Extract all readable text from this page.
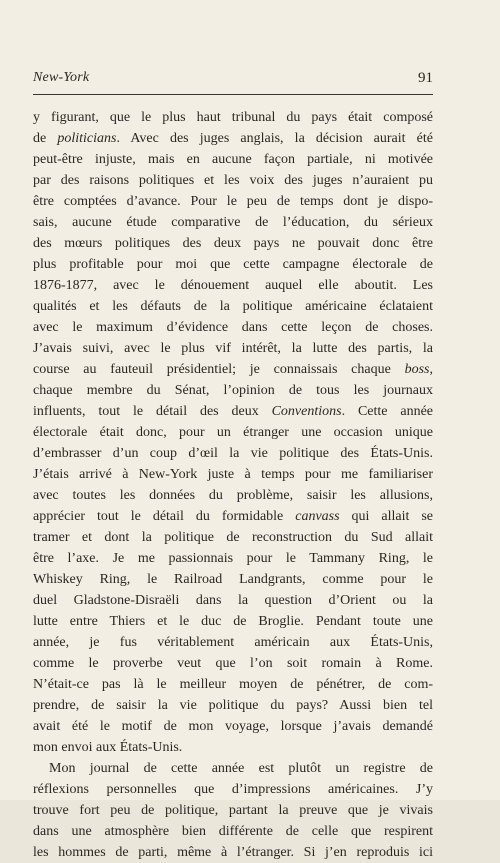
New-York	91
y figurant, que le plus haut tribunal du pays était composé
de politicians. Avec des juges anglais, la décision aurait été
peut-être injuste, mais en aucune façon partiale, ni motivée
par des raisons politiques et les voix des juges n’auraient pu
être comptées d’avance. Pour le peu de temps dont je dispo-
sais, aucune étude comparative de l’éducation, du sérieux
des mœurs politiques des deux pays ne pouvait donc être
plus profitable pour moi que cette campagne électorale de
1876-1877, avec le dénouement auquel elle aboutit. Les
qualités et les défauts de la politique américaine éclataient
avec le maximum d’évidence dans cette leçon de choses.
J’avais suivi, avec le plus vif intérêt, la lutte des partis, la
course au fauteuil présidentiel; je connaissais chaque boss,
chaque membre du Sénat, l’opinion de tous les journaux
influents, tout le détail des deux Conventions. Cette année
électorale était donc, pour un étranger une occasion unique
d’embrasser d’un coup d’œil la vie politique des États-Unis.
J’étais arrivé à New-York juste à temps pour me familiariser
avec toutes les données du problème, saisir les allusions,
apprécier tout le détail du formidable canvass qui allait se
tramer et dont la politique de reconstruction du Sud allait
être l’axe. Je me passionnais pour le Tammany Ring, le
Whiskey Ring, le Railroad Landgrants, comme pour le
duel Gladstone-Disraëli dans la question d’Orient ou la
lutte entre Thiers et le duc de Broglie. Pendant toute une
année, je fus véritablement américain aux États-Unis,
comme le proverbe veut que l’on soit romain à Rome.
N’était-ce pas là le meilleur moyen de pénétrer, de com-
prendre, de saisir la vie politique du pays? Aussi bien tel
avait été le motif de mon voyage, lorsque j’avais demandé
mon envoi aux États-Unis.
Mon journal de cette année est plutôt un registre de
réflexions personnelles que d’impressions américaines. J’y
trouve fort peu de politique, partant la preuve que je vivais
dans une atmosphère bien différente de celle que respirent
les hommes de parti, même à l’étranger. Si j’en reproduis ici
